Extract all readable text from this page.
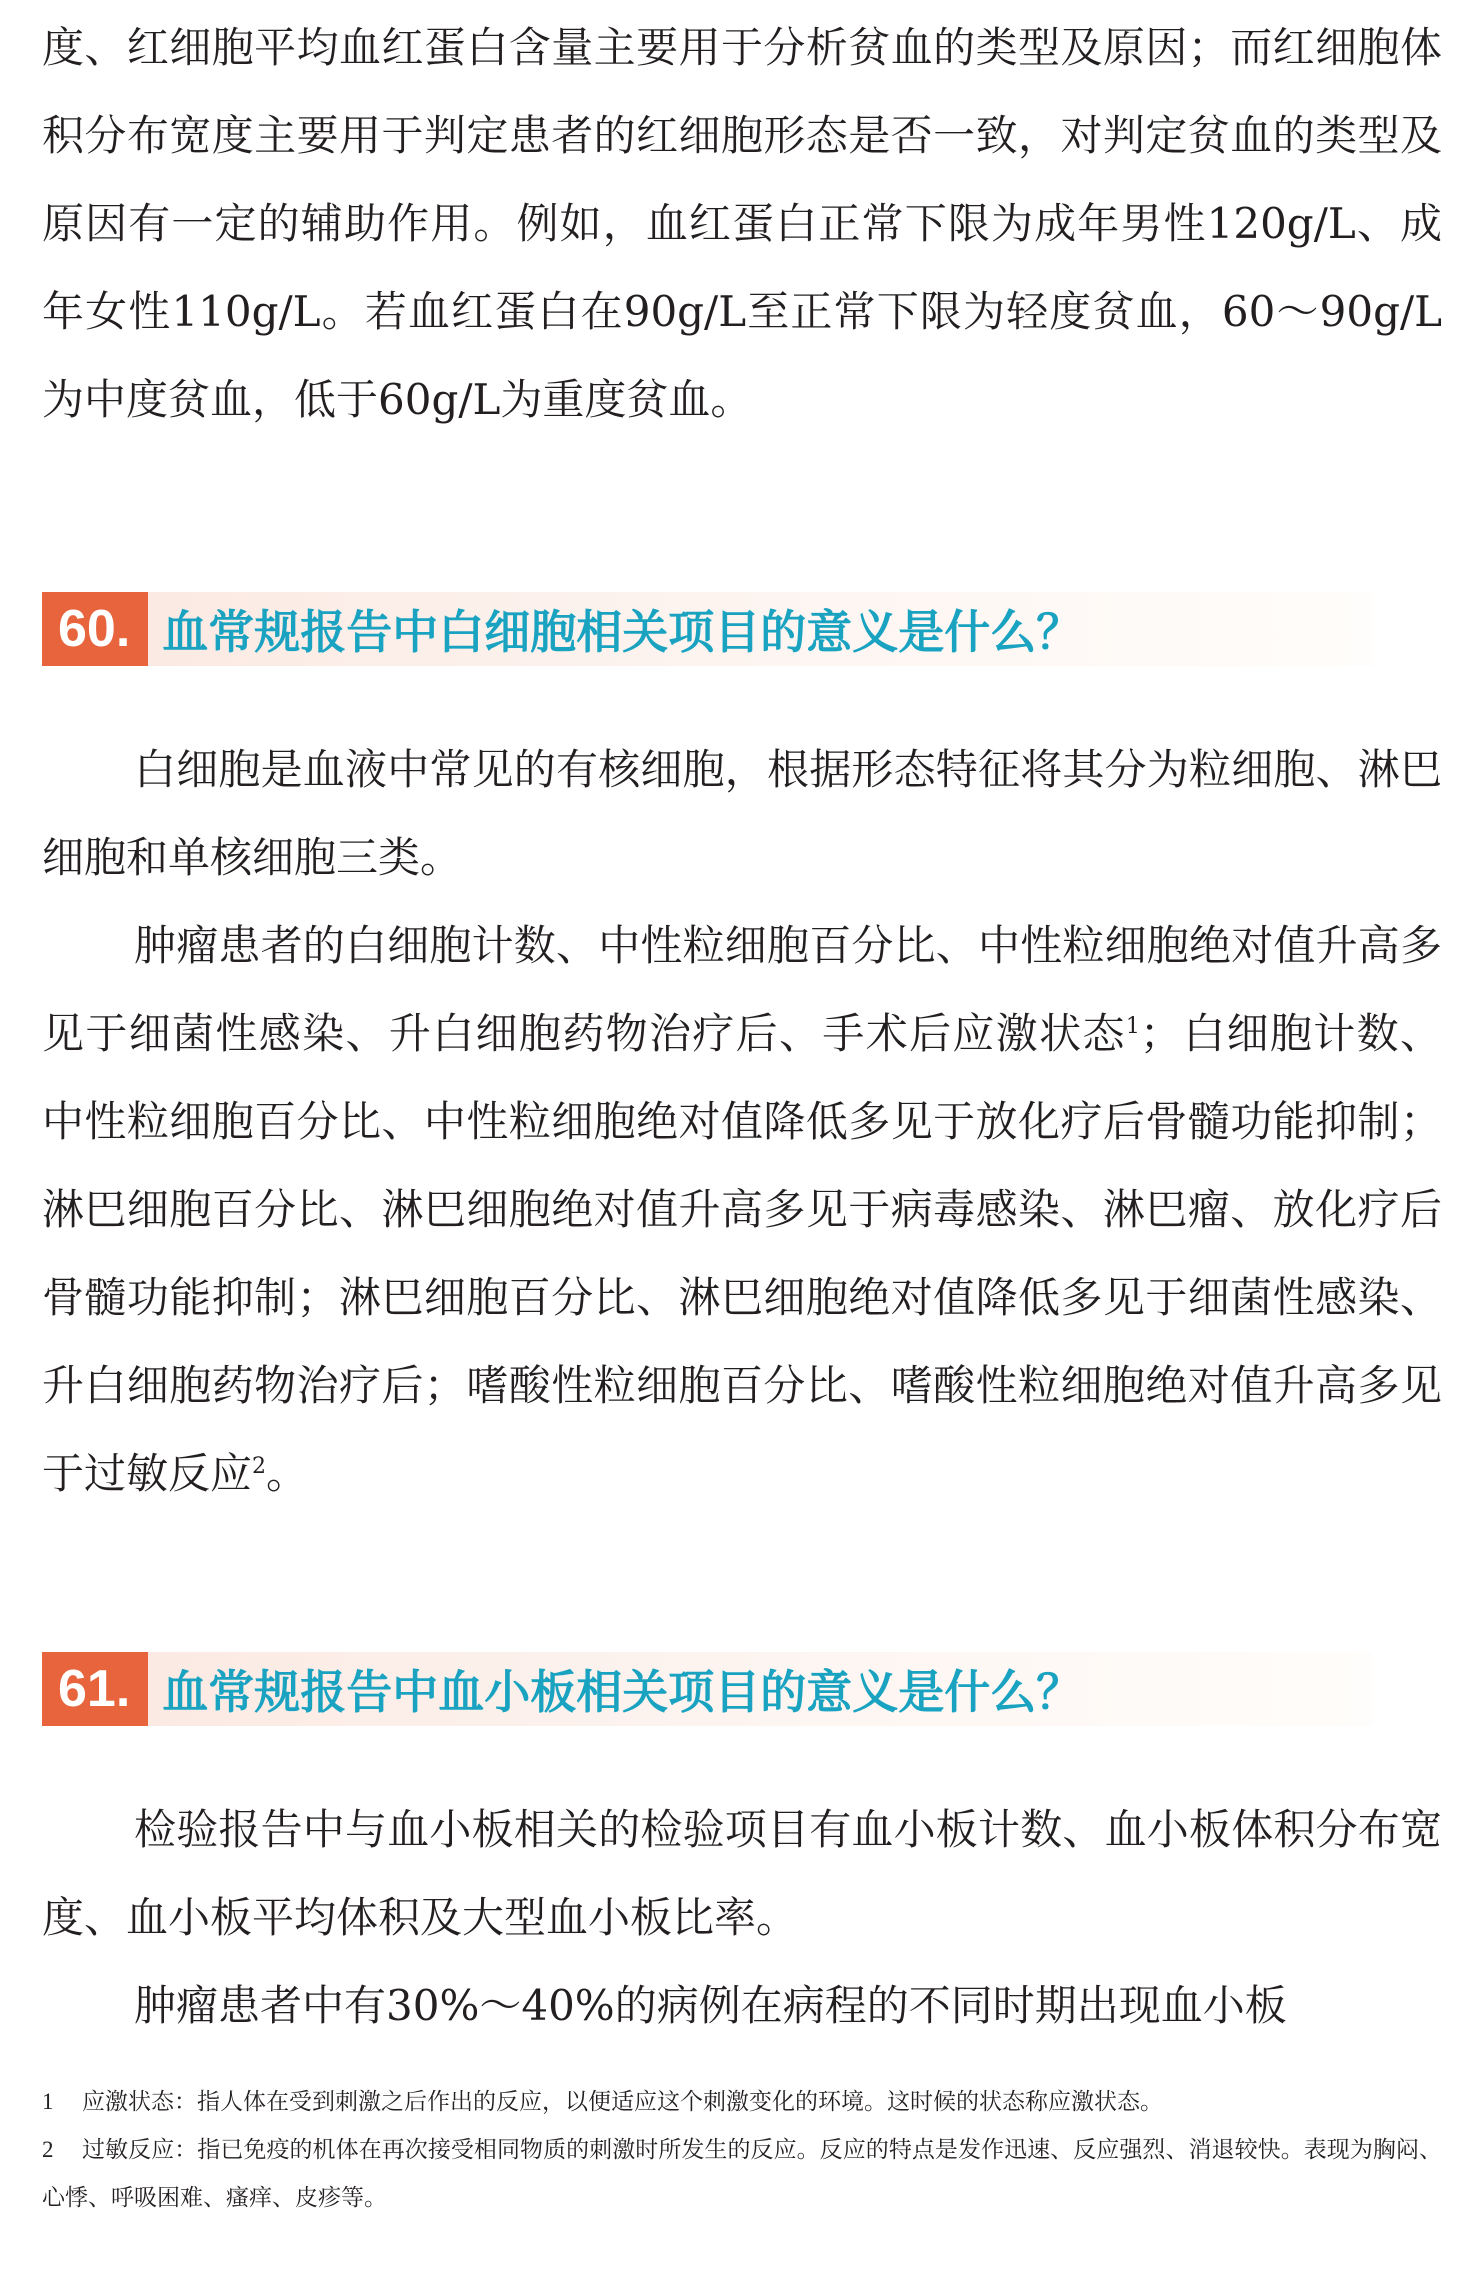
度、红细胞平均血红蛋白含量主要用于分析贫血的类型及原因；而红细胞体积分布宽度主要用于判定患者的红细胞形态是否一致，对判定贫血的类型及原因有一定的辅助作用。例如，血红蛋白正常下限为成年男性120g/L、成年女性110g/L。若血红蛋白在90g/L至正常下限为轻度贫血，60～90g/L为中度贫血，低于60g/L为重度贫血。

60. 血常规报告中白细胞相关项目的意义是什么？

白细胞是血液中常见的有核细胞，根据形态特征将其分为粒细胞、淋巴细胞和单核细胞三类。

肿瘤患者的白细胞计数、中性粒细胞百分比、中性粒细胞绝对值升高多见于细菌性感染、升白细胞药物治疗后、手术后应激状态$^1$；白细胞计数、中性粒细胞百分比、中性粒细胞绝对值降低多见于放化疗后骨髓功能抑制；淋巴细胞百分比、淋巴细胞绝对值升高多见于病毒感染、淋巴瘤、放化疗后骨髓功能抑制；淋巴细胞百分比、淋巴细胞绝对值降低多见于细菌性感染、升白细胞药物治疗后；嗜酸性粒细胞百分比、嗜酸性粒细胞绝对值升高多见于过敏反应$^2$。

61. 血常规报告中血小板相关项目的意义是什么？

检验报告中与血小板相关的检验项目有血小板计数、血小板体积分布宽度、血小板平均体积及大型血小板比率。

肿瘤患者中有30%～40%的病例在病程的不同时期出现血小板

1 应激状态：指人体在受到刺激之后作出的反应，以便适应这个刺激变化的环境。这时候的状态称应激状态。

2 过敏反应：指已免疫的机体在再次接受相同物质的刺激时所发生的反应。反应的特点是发作迅速、反应强烈、消退较快。表现为胸闷、心悸、呼吸困难、瘙痒、皮疹等。
